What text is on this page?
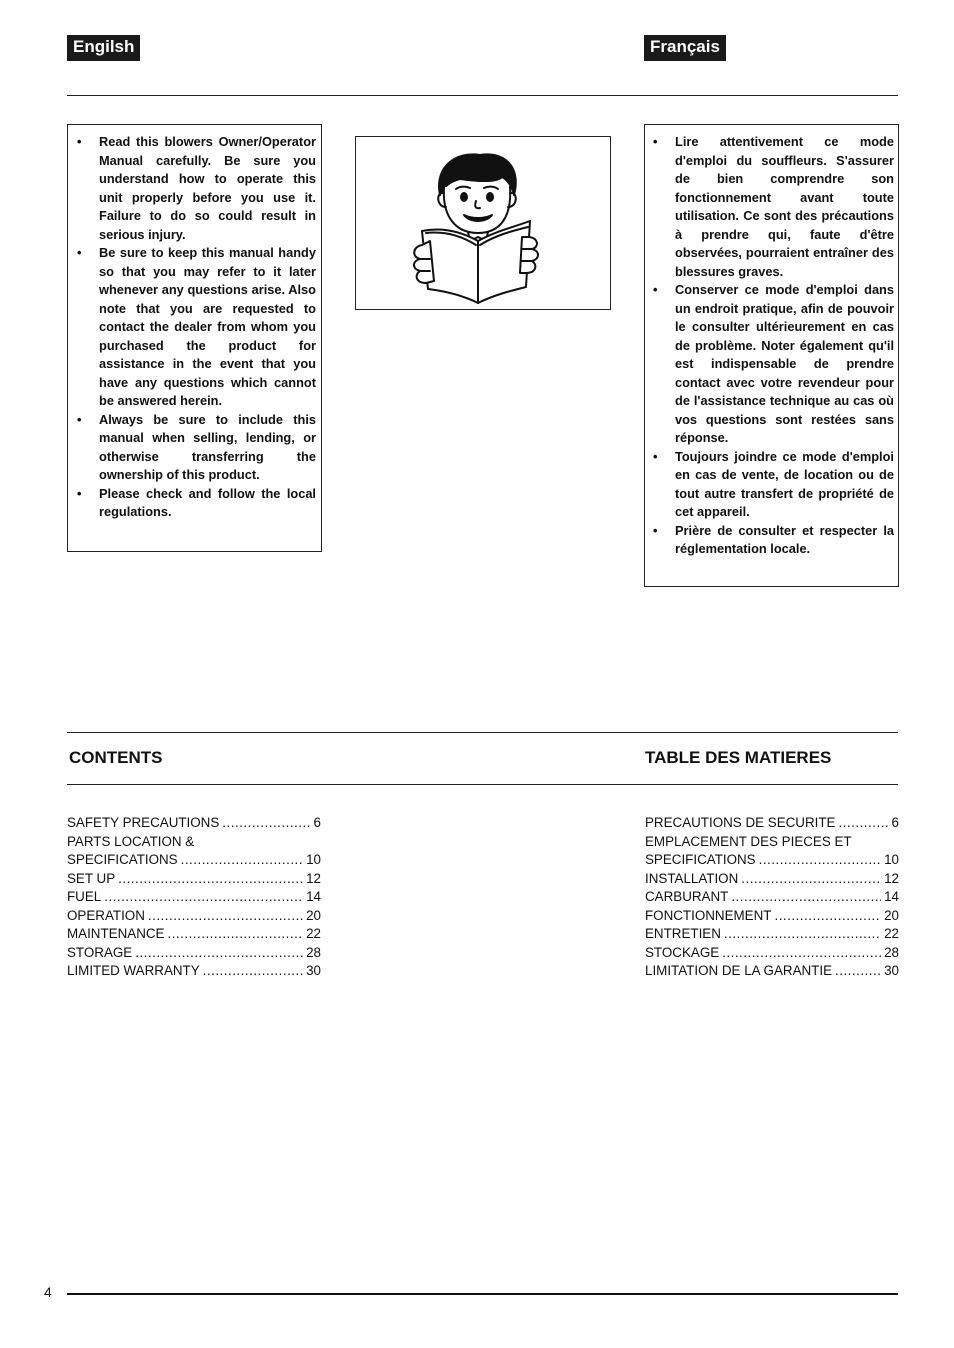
Engilsh	Français
• Read this blowers Owner/Operator Manual carefully. Be sure you understand how to operate this unit properly before you use it. Failure to do so could result in serious injury.
• Be sure to keep this manual handy so that you may refer to it later whenever any questions arise. Also note that you are requested to contact the dealer from whom you purchased the product for assistance in the event that you have any questions which cannot be answered herein.
• Always be sure to include this manual when selling, lending, or otherwise transferring the ownership of this product.
• Please check and follow the local regulations.
• Lire attentivement ce mode d'emploi du souffleurs. S'assurer de bien comprendre son fonctionnement avant toute utilisation. Ce sont des précautions à prendre qui, faute d'être observées, pourraient entraîner des blessures graves.
• Conserver ce mode d'emploi dans un endroit pratique, afin de pouvoir le consulter ultérieurement en cas de problème. Noter également qu'il est indispensable de prendre contact avec votre revendeur pour de l'assistance technique au cas où vos questions sont restées sans réponse.
• Toujours joindre ce mode d'emploi en cas de vente, de location ou de tout autre transfert de propriété de cet appareil.
• Prière de consulter et respecter la réglementation locale.
CONTENTS	TABLE DES MATIERES
SAFETY PRECAUTIONS .....	6
PARTS LOCATION &
SPECIFICATIONS .....	10
SET UP .....	12
FUEL .....	14
OPERATION .....	20
MAINTENANCE .....	22
STORAGE .....	28
LIMITED WARRANTY .....	30
PRECAUTIONS DE SECURITE .....	6
EMPLACEMENT DES PIECES ET
SPECIFICATIONS .....	10
INSTALLATION .....	12
CARBURANT .....	14
FONCTIONNEMENT .....	20
ENTRETIEN .....	22
STOCKAGE .....	28
LIMITATION DE LA GARANTIE .....	30
4
